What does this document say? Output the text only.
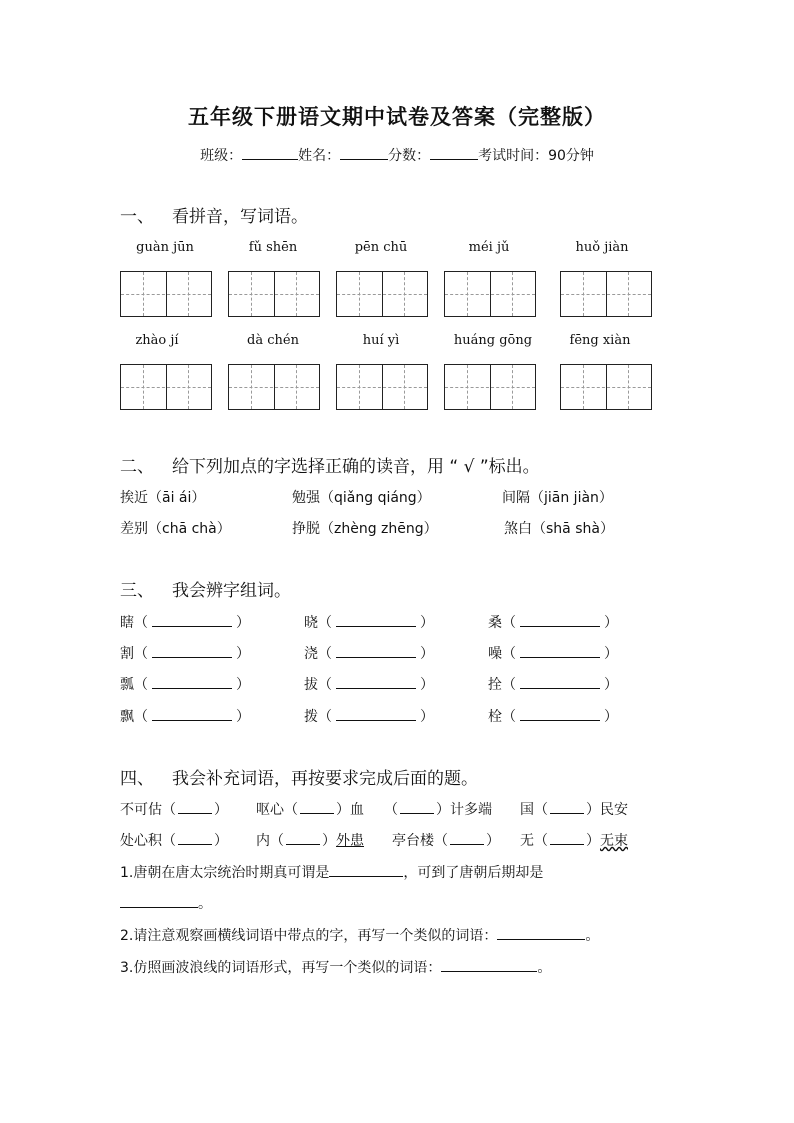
五年级下册语文期中试卷及答案（完整版）
班级：	姓名：	分数：	考试时间：90分钟
一、 看拼音，写词语。
guàn jūn	fǔ shēn	pēn chū	méi jǔ	huǒ jiàn
zhào jí	dà chén	huí yì	huáng gōng	fēng xiàn
二、 给下列加点的字选择正确的读音，用 “ √ ”标出。
挨近（āi ái）	勉强（qiǎng qiáng）	间隔（jiān jiàn）
差别（chā chà）	挣脱（zhèng zhēng）	煞白（shā shà）
三、 我会辨字组词。
瞎（	）	晓（	）	桑（	）
割（	）	浇（	）	噪（	）
瓢（	）	拔（	）	拴（	）
飘（	）	拨（	）	栓（	）
四、 我会补充词语，再按要求完成后面的题。
不可估（	） 呕心（	）血 （	）计多端 国（	）民安
处心积（	） 内（	）外患 亭台楼（	） 无（	）无束
1.唐朝在唐太宗统治时期真可谓是	，可到了唐朝后期却是
。
2.请注意观察画横线词语中带点的字，再写一个类似的词语：	。
3.仿照画波浪线的词语形式，再写一个类似的词语：	。
